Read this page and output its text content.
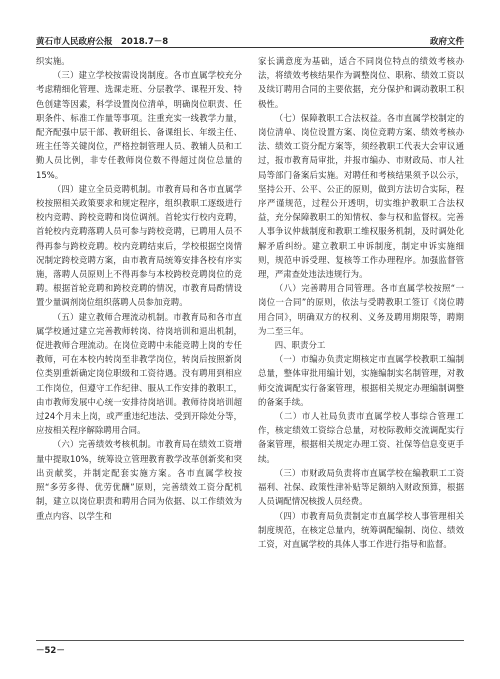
黄石市人民政府公报　2018.7－8	政府文件

织实施。

（三）建立学校按需设岗制度。各市直属学校充分考虑精细化管理、选课走班、分层教学、课程开发、特色创建等因素，科学设置岗位清单，明确岗位职责、任职条件、标准工作量等事项。注重充实一线教学力量，配齐配强中层干部、教研组长、备课组长、年级主任、班主任等关键岗位，严格控制管理人员、教辅人员和工勤人员比例，非专任教师岗位数不得超过岗位总量的15%。

（四）建立全员竞聘机制。市教育局和各市直属学校按照相关政策要求和规定程序，组织教职工逐级进行校内竞聘、跨校竞聘和岗位调剂。首轮实行校内竞聘，首轮校内竞聘落聘人员可参与跨校竞聘，已聘用人员不得再参与跨校竞聘。校内竞聘结束后，学校根据空岗情况制定跨校竞聘方案，由市教育局统筹安排各校有序实施，落聘人员原则上不得再参与本校跨校竞聘岗位的竞聘。根据首轮竞聘和跨校竞聘的情况，市教育局酌情设置少量调剂岗位组织落聘人员参加竞聘。

（五）建立教师合理流动机制。市教育局和各市直属学校通过建立完善教师转岗、待岗培训和退出机制，促进教师合理流动。在岗位竞聘中未能竞聘上岗的专任教师，可在本校内转岗至非教学岗位，转岗后按照新岗位类别重新确定岗位职级和工资待遇。没有聘用到相应工作岗位，但遵守工作纪律、服从工作安排的教职工，由市教师发展中心统一安排待岗培训。教师待岗培训超过24个月未上岗，或严重违纪违法、受到开除处分等，应按相关程序解除聘用合同。

（六）完善绩效考核机制。市教育局在绩效工资增量中提取10%，统筹设立管理教育教学改革创新奖和突出贡献奖，并制定配套实施方案。各市直属学校按照“多劳多得、优劳优酬”原则，完善绩效工资分配机制，建立以岗位职责和聘用合同为依据、以工作绩效为重点内容、以学生和

家长满意度为基础，适合不同岗位特点的绩效考核办法，将绩效考核结果作为调整岗位、职称、绩效工资以及续订聘用合同的主要依据，充分保护和调动教职工积极性。

（七）保障教职工合法权益。各市直属学校制定的岗位清单、岗位设置方案、岗位竞聘方案、绩效考核办法、绩效工资分配方案等，须经教职工代表大会审议通过，报市教育局审批，并报市编办、市财政局、市人社局等部门备案后实施。对聘任和考核结果须予以公示，坚持公开、公平、公正的原则，做到方法切合实际，程序严谨规范，过程公开透明，切实维护教职工合法权益，充分保障教职工的知情权、参与权和监督权。完善人事争议仲裁制度和教职工维权服务机制，及时调处化解矛盾纠纷。建立教职工申诉制度，制定申诉实施细则，规范申诉受理、复核等工作办理程序。加强监督管理，严肃查处违法违规行为。

（八）完善聘用合同管理。各市直属学校按照“一岗位一合同”的原则，依法与受聘教职工签订《岗位聘用合同》，明确双方的权利、义务及聘用期限等，聘期为二至三年。

四、职责分工

（一）市编办负责定期核定市直属学校教职工编制总量，整体审批用编计划，实施编制实名制管理，对教师交流调配实行备案管理，根据相关规定办理编制调整的备案手续。

（二）市人社局负责市直属学校人事综合管理工作，核定绩效工资综合总量，对校际教师交流调配实行备案管理，根据相关规定办理工资、社保等信息变更手续。

（三）市财政局负责将市直属学校在编教职工工资福利、社保、政策性津补贴等足额纳入财政预算，根据人员调配情况核拨人员经费。

（四）市教育局负责制定市直属学校人事管理相关制度规范，在核定总量内，统筹调配编制、岗位、绩效工资，对直属学校的具体人事工作进行指导和监督。

－52－
